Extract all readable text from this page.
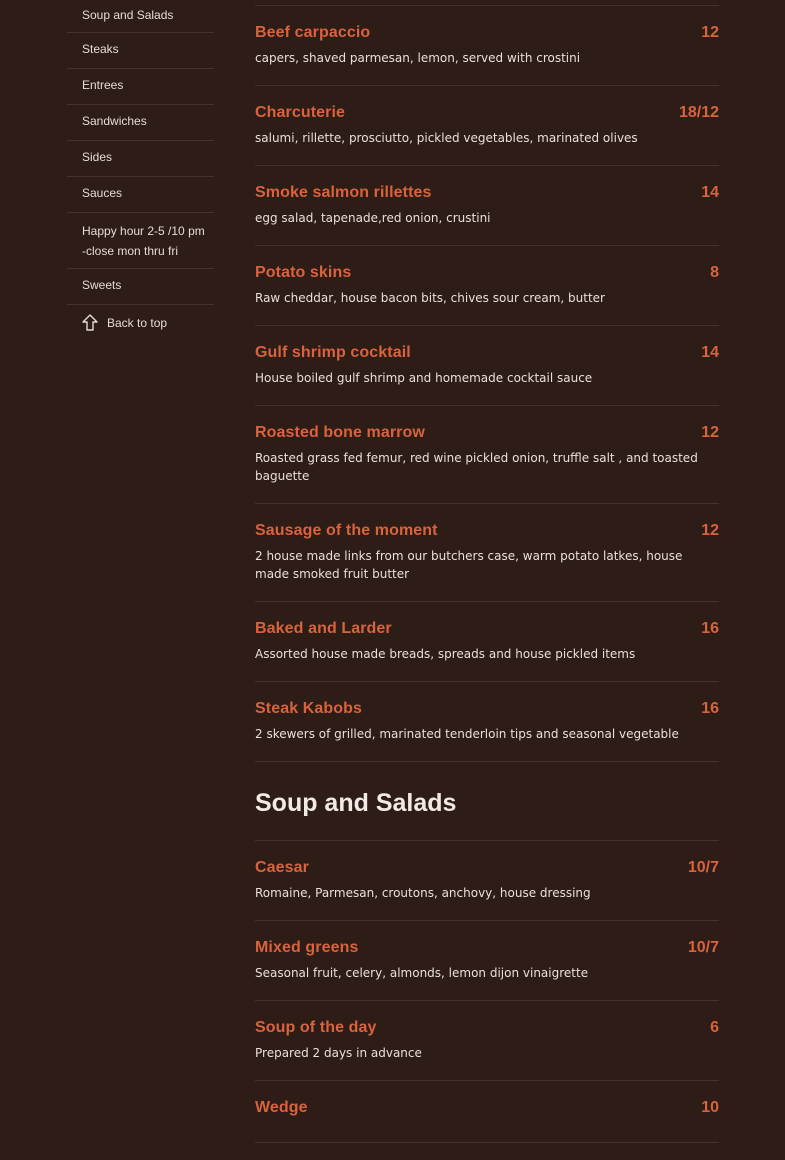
Soup and Salads
Steaks
Entrees
Sandwiches
Sides
Sauces
Happy hour 2-5 /10 pm -close mon thru fri
Sweets
Back to top
Beef carpaccio	12
capers, shaved parmesan, lemon, served with crostini
Charcuterie	18/12
salumi, rillette, prosciutto, pickled vegetables, marinated olives
Smoke salmon rillettes	14
egg salad, tapenade,red onion, crustini
Potato skins	8
Raw cheddar, house bacon bits, chives sour cream, butter
Gulf shrimp cocktail	14
House boiled gulf shrimp and homemade cocktail sauce
Roasted bone marrow	12
Roasted grass fed femur, red wine pickled onion, truffle salt , and toasted baguette
Sausage of the moment	12
2 house made links from our butchers case, warm potato latkes, house made smoked fruit butter
Baked and Larder	16
Assorted house made breads, spreads and house pickled items
Steak Kabobs	16
2 skewers of grilled, marinated tenderloin tips and seasonal vegetable
Soup and Salads
Caesar	10/7
Romaine, Parmesan, croutons, anchovy, house dressing
Mixed greens	10/7
Seasonal fruit, celery, almonds, lemon dijon vinaigrette
Soup of the day	6
Prepared 2 days in advance
Wedge	10
